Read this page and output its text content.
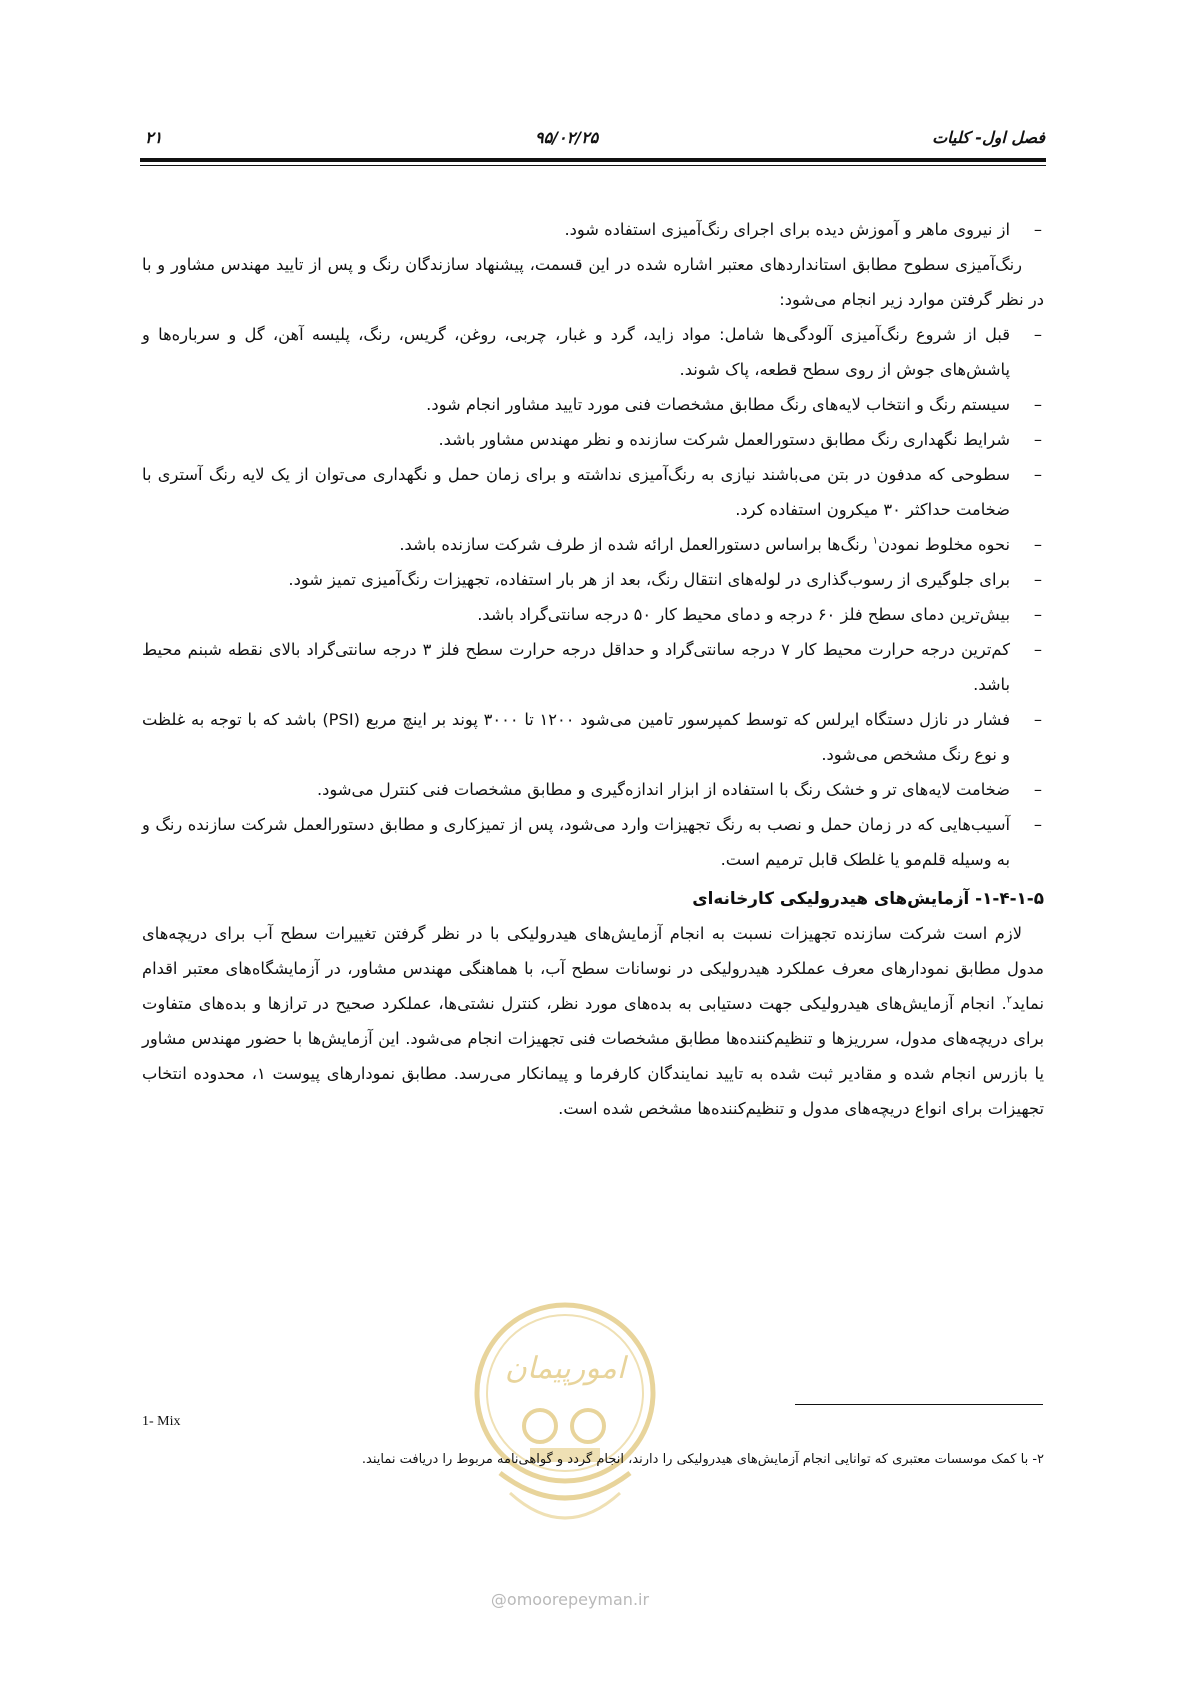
فصل اول- کلیات
۹۵/۰۲/۲۵
۲۱
–
از نیروی ماهر و آموزش دیده برای اجرای رنگ‌آمیزی استفاده شود.

رنگ‌آمیزی سطوح مطابق استانداردهای معتبر اشاره شده در این قسمت، پیشنهاد سازندگان رنگ و پس از تایید مهندس مشاور و با در نظر گرفتن موارد زیر انجام می‌شود:

–
قبل از شروع رنگ‌آمیزی آلودگی‌ها شامل: مواد زاید، گرد و غبار، چربی، روغن، گریس، رنگ، پلیسه آهن، گل و سرباره‌ها و پاشش‌های جوش از روی سطح قطعه، پاک شوند.
–
سیستم رنگ و انتخاب لایه‌های رنگ مطابق مشخصات فنی مورد تایید مشاور انجام شود.
–
شرایط نگهداری رنگ مطابق دستورالعمل شرکت سازنده و نظر مهندس مشاور باشد.
–
سطوحی که مدفون در بتن می‌باشند نیازی به رنگ‌آمیزی نداشته و برای زمان حمل و نگهداری می‌توان از یک لایه رنگ آستری با ضخامت حداکثر ۳۰ میکرون استفاده کرد.
–
نحوه مخلوط نمودن$^۱$ رنگ‌ها براساس دستورالعمل ارائه شده از طرف شرکت سازنده باشد.
–
برای جلوگیری از رسوب‌گذاری در لوله‌های انتقال رنگ، بعد از هر بار استفاده، تجهیزات رنگ‌آمیزی تمیز شود.
–
بیش‌ترین دمای سطح فلز ۶۰ درجه و دمای محیط کار ۵۰ درجه سانتی‌گراد باشد.
–
کم‌ترین درجه حرارت محیط کار ۷ درجه سانتی‌گراد و حداقل درجه حرارت سطح فلز ۳ درجه سانتی‌گراد بالای نقطه شبنم محیط باشد.
–
فشار در نازل دستگاه ایرلس که توسط کمپرسور تامین می‌شود ۱۲۰۰ تا ۳۰۰۰ پوند بر اینچ مربع (PSI) باشد که با توجه به غلظت و نوع رنگ مشخص می‌شود.
–
ضخامت لایه‌های تر و خشک رنگ با استفاده از ابزار اندازه‌گیری و مطابق مشخصات فنی کنترل می‌شود.
–
آسیب‌هایی که در زمان حمل و نصب به رنگ تجهیزات وارد می‌شود، پس از تمیزکاری و مطابق دستورالعمل شرکت سازنده رنگ و به وسیله قلم‌مو یا غلطک قابل ترمیم است.

۱-۴-۱-۵- آزمایش‌های هیدرولیکی کارخانه‌ای

لازم است شرکت سازنده تجهیزات نسبت به انجام آزمایش‌های هیدرولیکی با در نظر گرفتن تغییرات سطح آب برای دریچه‌های مدول مطابق نمودارهای معرف عملکرد هیدرولیکی در نوسانات سطح آب، با هماهنگی مهندس مشاور، در آزمایشگاه‌های معتبر اقدام نماید$^۲$. انجام آزمایش‌های هیدرولیکی جهت دستیابی به بده‌های مورد نظر، کنترل نشتی‌ها، عملکرد صحیح در ترازها و بده‌های متفاوت برای دریچه‌های مدول، سرریزها و تنظیم‌کننده‌ها مطابق مشخصات فنی تجهیزات انجام می‌شود. این آزمایش‌ها با حضور مهندس مشاور یا بازرس انجام شده و مقادیر ثبت شده به تایید نمایندگان کارفرما و پیمانکار می‌رسد. مطابق نمودارهای پیوست ۱، محدوده انتخاب تجهیزات برای انواع دریچه‌های مدول و تنظیم‌کننده‌ها مشخص شده است.

امورپیمان
@omoorepeyman.ir
1- Mix
۲- با کمک موسسات معتبری که توانایی انجام آزمایش‌های هیدرولیکی را دارند، انجام گردد و گواهی‌نامه مربوط را دریافت نمایند.
